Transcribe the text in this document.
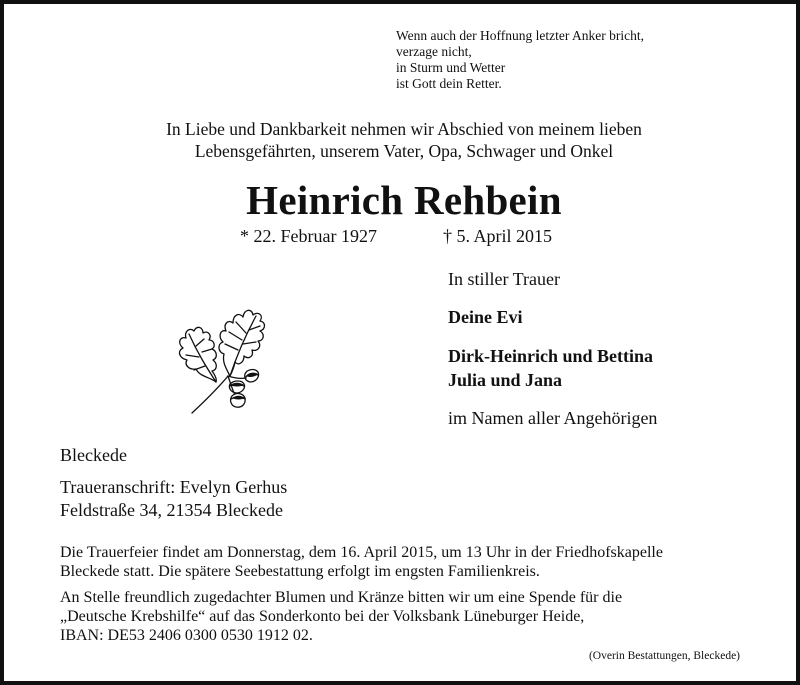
Wenn auch der Hoffnung letzter Anker bricht,
verzage nicht,
in Sturm und Wetter
ist Gott dein Retter.
In Liebe und Dankbarkeit nehmen wir Abschied von meinem lieben
Lebensgefährten, unserem Vater, Opa, Schwager und Onkel
Heinrich Rehbein
* 22. Februar 1927	† 5. April 2015
In stiller Trauer
Deine Evi
Dirk-Heinrich und Bettina
Julia und Jana
im Namen aller Angehörigen
Bleckede
Traueranschrift: Evelyn Gerhus
Feldstraße 34, 21354 Bleckede
Die Trauerfeier findet am Donnerstag, dem 16. April 2015, um 13 Uhr in der Friedhofskapelle
Bleckede statt. Die spätere Seebestattung erfolgt im engsten Familienkreis.
An Stelle freundlich zugedachter Blumen und Kränze bitten wir um eine Spende für die
„Deutsche Krebshilfe“ auf das Sonderkonto bei der Volksbank Lüneburger Heide,
IBAN: DE53 2406 0300 0530 1912 02.
(Overin Bestattungen, Bleckede)
